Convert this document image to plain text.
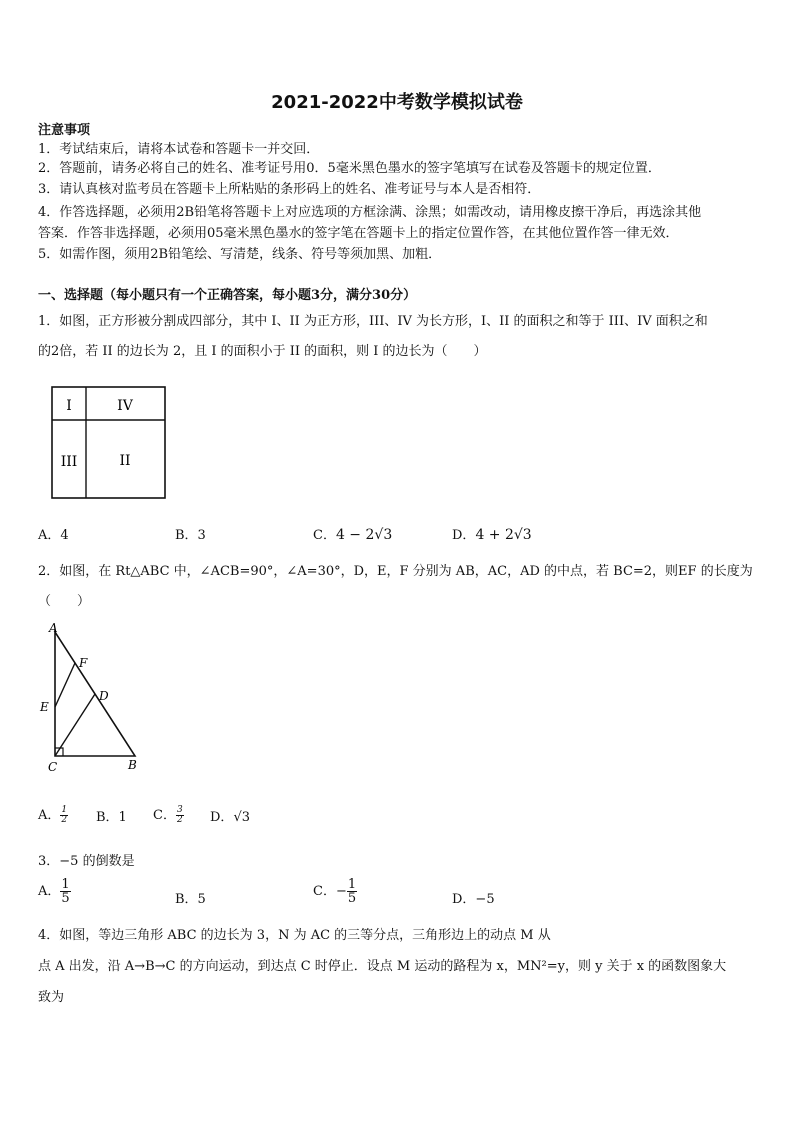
2021-2022中考数学模拟试卷
注意事项
1．考试结束后，请将本试卷和答题卡一并交回．
2．答题前，请务必将自己的姓名、准考证号用0．5毫米黑色墨水的签字笔填写在试卷及答题卡的规定位置．
3．请认真核对监考员在答题卡上所粘贴的条形码上的姓名、准考证号与本人是否相符．
4．作答选择题，必须用2B铅笔将答题卡上对应选项的方框涂满、涂黑；如需改动，请用橡皮擦干净后，再选涂其他
答案．作答非选择题，必须用05毫米黑色墨水的签字笔在答题卡上的指定位置作答，在其他位置作答一律无效．
5．如需作图，须用2B铅笔绘、写清楚，线条、符号等须加黑、加粗．
一、选择题（每小题只有一个正确答案，每小题3分，满分30分）
1．如图，正方形被分割成四部分，其中 I、II 为正方形，III、IV 为长方形，I、II 的面积之和等于 III、IV 面积之和
的2倍，若 II 的边长为 2，且 I 的面积小于 II 的面积，则 I 的边长为（　　）
I	IV
III	II
A．4	B．3	C．4 − 2√3	D．4 + 2√3
2．如图，在 Rt△ABC 中，∠ACB=90°，∠A=30°，D，E，F 分别为 AB，AC，AD 的中点，若 BC=2，则EF 的长度为
（　　）
A
F
D
E
C	B
A． $\frac{1}{2}$ B．1 C． $\frac{3}{2}$ D．√3
3．−5 的倒数是
A． $\frac{1}{5}$	B．5
C．− $\frac{1}{5}$	D．−5
4．如图，等边三角形 ABC 的边长为 3，N 为 AC 的三等分点，三角形边上的动点 M 从
点 A 出发，沿 A→B→C 的方向运动，到达点 C 时停止．设点 M 运动的路程为 x，MN²=y，则 y 关于 x 的函数图象大
致为
